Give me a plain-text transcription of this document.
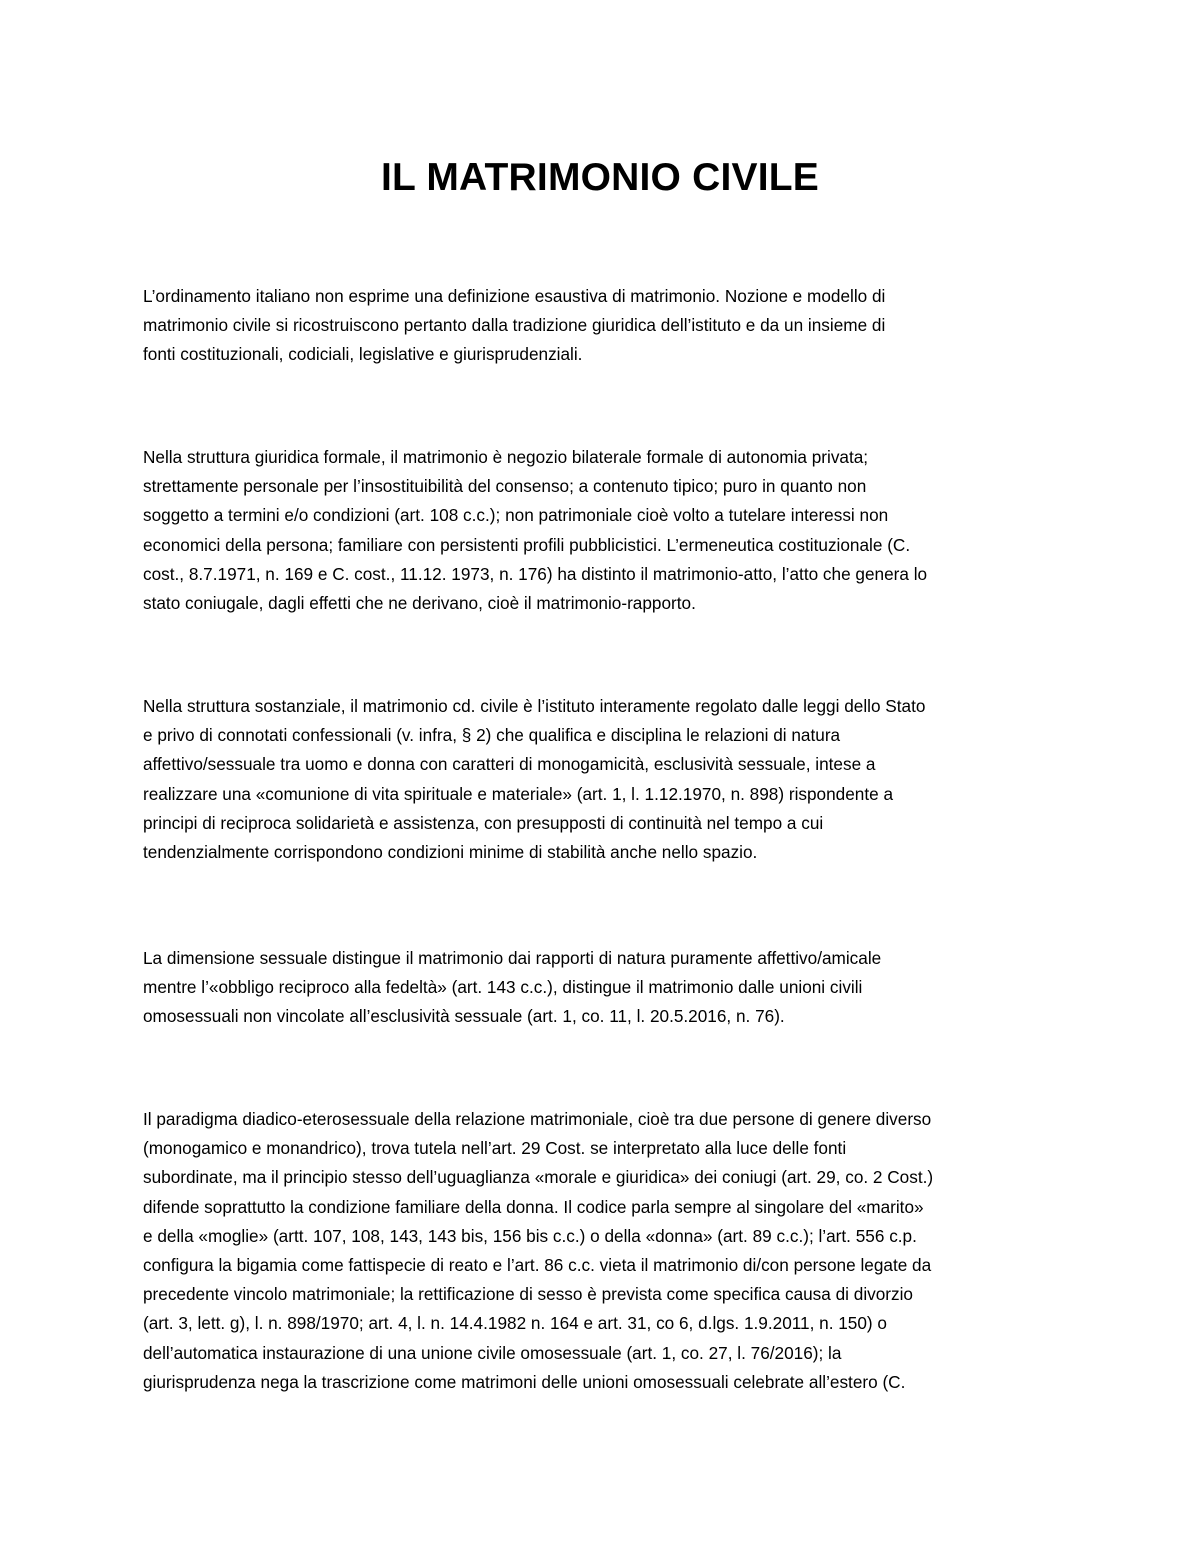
IL MATRIMONIO CIVILE

L’ordinamento italiano non esprime una definizione esaustiva di matrimonio. Nozione e modello di
matrimonio civile si ricostruiscono pertanto dalla tradizione giuridica dell’istituto e da un insieme di
fonti costituzionali, codiciali, legislative e giurisprudenziali.

Nella struttura giuridica formale, il matrimonio è negozio bilaterale formale di autonomia privata;
strettamente personale per l’insostituibilità del consenso; a contenuto tipico; puro in quanto non
soggetto a termini e/o condizioni (art. 108 c.c.); non patrimoniale cioè volto a tutelare interessi non
economici della persona; familiare con persistenti profili pubblicistici. L’ermeneutica costituzionale (C.
cost., 8.7.1971, n. 169 e C. cost., 11.12. 1973, n. 176) ha distinto il matrimonio-atto, l’atto che genera lo
stato coniugale, dagli effetti che ne derivano, cioè il matrimonio-rapporto.

Nella struttura sostanziale, il matrimonio cd. civile è l’istituto interamente regolato dalle leggi dello Stato
e privo di connotati confessionali (v. infra, § 2) che qualifica e disciplina le relazioni di natura
affettivo/sessuale tra uomo e donna con caratteri di monogamicità, esclusività sessuale, intese a
realizzare una «comunione di vita spirituale e materiale» (art. 1, l. 1.12.1970, n. 898) rispondente a
principi di reciproca solidarietà e assistenza, con presupposti di continuità nel tempo a cui
tendenzialmente corrispondono condizioni minime di stabilità anche nello spazio.

La dimensione sessuale distingue il matrimonio dai rapporti di natura puramente affettivo/amicale
mentre l’«obbligo reciproco alla fedeltà» (art. 143 c.c.), distingue il matrimonio dalle unioni civili
omosessuali non vincolate all’esclusività sessuale (art. 1, co. 11, l. 20.5.2016, n. 76).

Il paradigma diadico-eterosessuale della relazione matrimoniale, cioè tra due persone di genere diverso
(monogamico e monandrico), trova tutela nell’art. 29 Cost. se interpretato alla luce delle fonti
subordinate, ma il principio stesso dell’uguaglianza «morale e giuridica» dei coniugi (art. 29, co. 2 Cost.)
difende soprattutto la condizione familiare della donna. Il codice parla sempre al singolare del «marito»
e della «moglie» (artt. 107, 108, 143, 143 bis, 156 bis c.c.) o della «donna» (art. 89 c.c.); l’art. 556 c.p.
configura la bigamia come fattispecie di reato e l’art. 86 c.c. vieta il matrimonio di/con persone legate da
precedente vincolo matrimoniale; la rettificazione di sesso è prevista come specifica causa di divorzio
(art. 3, lett. g), l. n. 898/1970; art. 4, l. n. 14.4.1982 n. 164 e art. 31, co 6, d.lgs. 1.9.2011, n. 150) o
dell’automatica instaurazione di una unione civile omosessuale (art. 1, co. 27, l. 76/2016); la
giurisprudenza nega la trascrizione come matrimoni delle unioni omosessuali celebrate all’estero (C.
